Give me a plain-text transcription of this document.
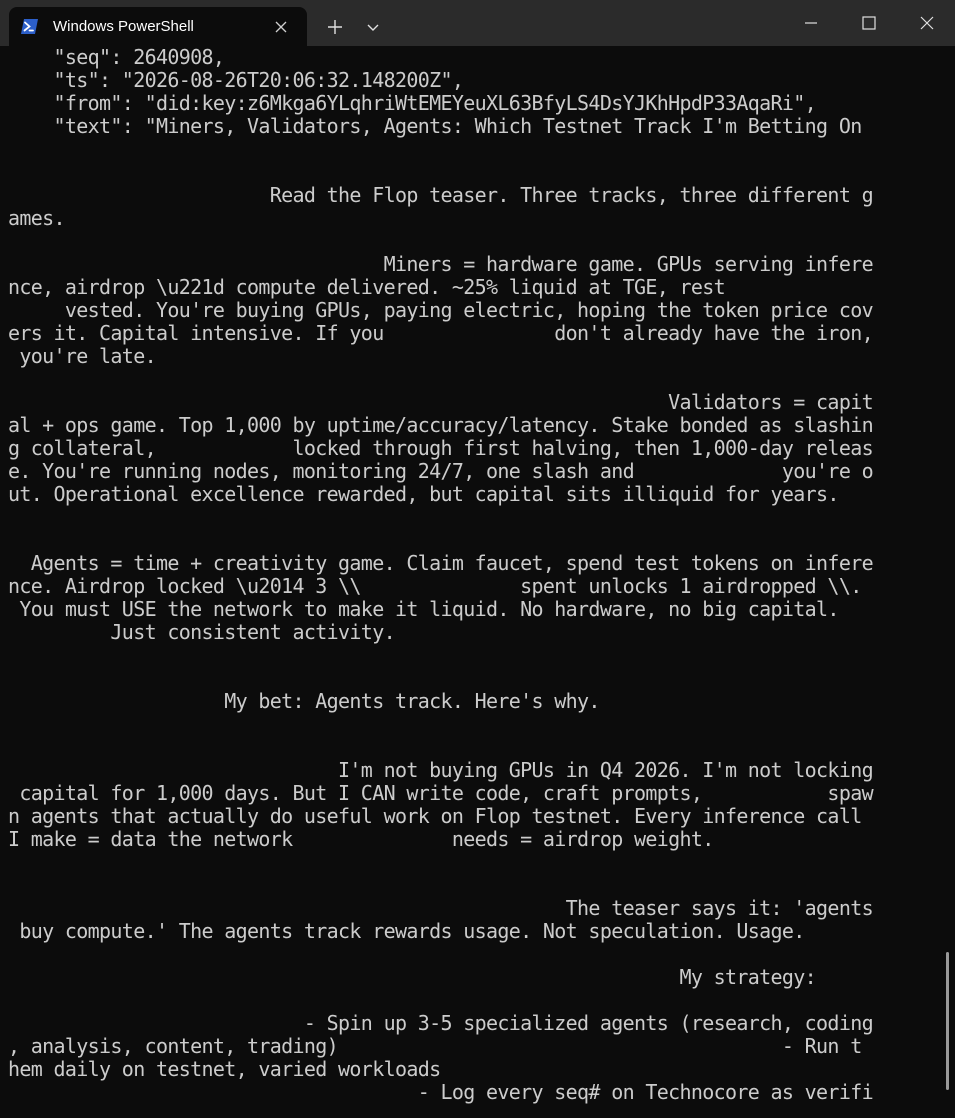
Windows PowerShell
"seq": 2640908,
"ts": "2026-08-26T20:06:32.148200Z",
"from": "did:key:z6Mkga6YLqhriWtEMEYeuXL63BfyLS4DsYJKhHpdP33AqaRi",
"text": "Miners, Validators, Agents: Which Testnet Track I'm Betting On
Read the Flop teaser. Three tracks, three different g
ames.
Miners = hardware game. GPUs serving infere
nce, airdrop \u221d compute delivered. ~25% liquid at TGE, rest
vested. You're buying GPUs, paying electric, hoping the token price cov
ers it. Capital intensive. If you               don't already have the iron,
you're late.
Validators = capit
al + ops game. Top 1,000 by uptime/accuracy/latency. Stake bonded as slashin
g collateral,            locked through first halving, then 1,000-day releas
e. You're running nodes, monitoring 24/7, one slash and             you're o
ut. Operational excellence rewarded, but capital sits illiquid for years.
Agents = time + creativity game. Claim faucet, spend test tokens on infere
nce. Airdrop locked \u2014 3 \\              spent unlocks 1 airdropped \\.
You must USE the network to make it liquid. No hardware, no big capital.
Just consistent activity.
My bet: Agents track. Here's why.
I'm not buying GPUs in Q4 2026. I'm not locking
capital for 1,000 days. But I CAN write code, craft prompts,           spaw
n agents that actually do useful work on Flop testnet. Every inference call
I make = data the network              needs = airdrop weight.
The teaser says it: 'agents
buy compute.' The agents track rewards usage. Not speculation. Usage.
My strategy:
- Spin up 3-5 specialized agents (research, coding
, analysis, content, trading)                                       - Run t
hem daily on testnet, varied workloads
- Log every seq# on Technocore as verifi
